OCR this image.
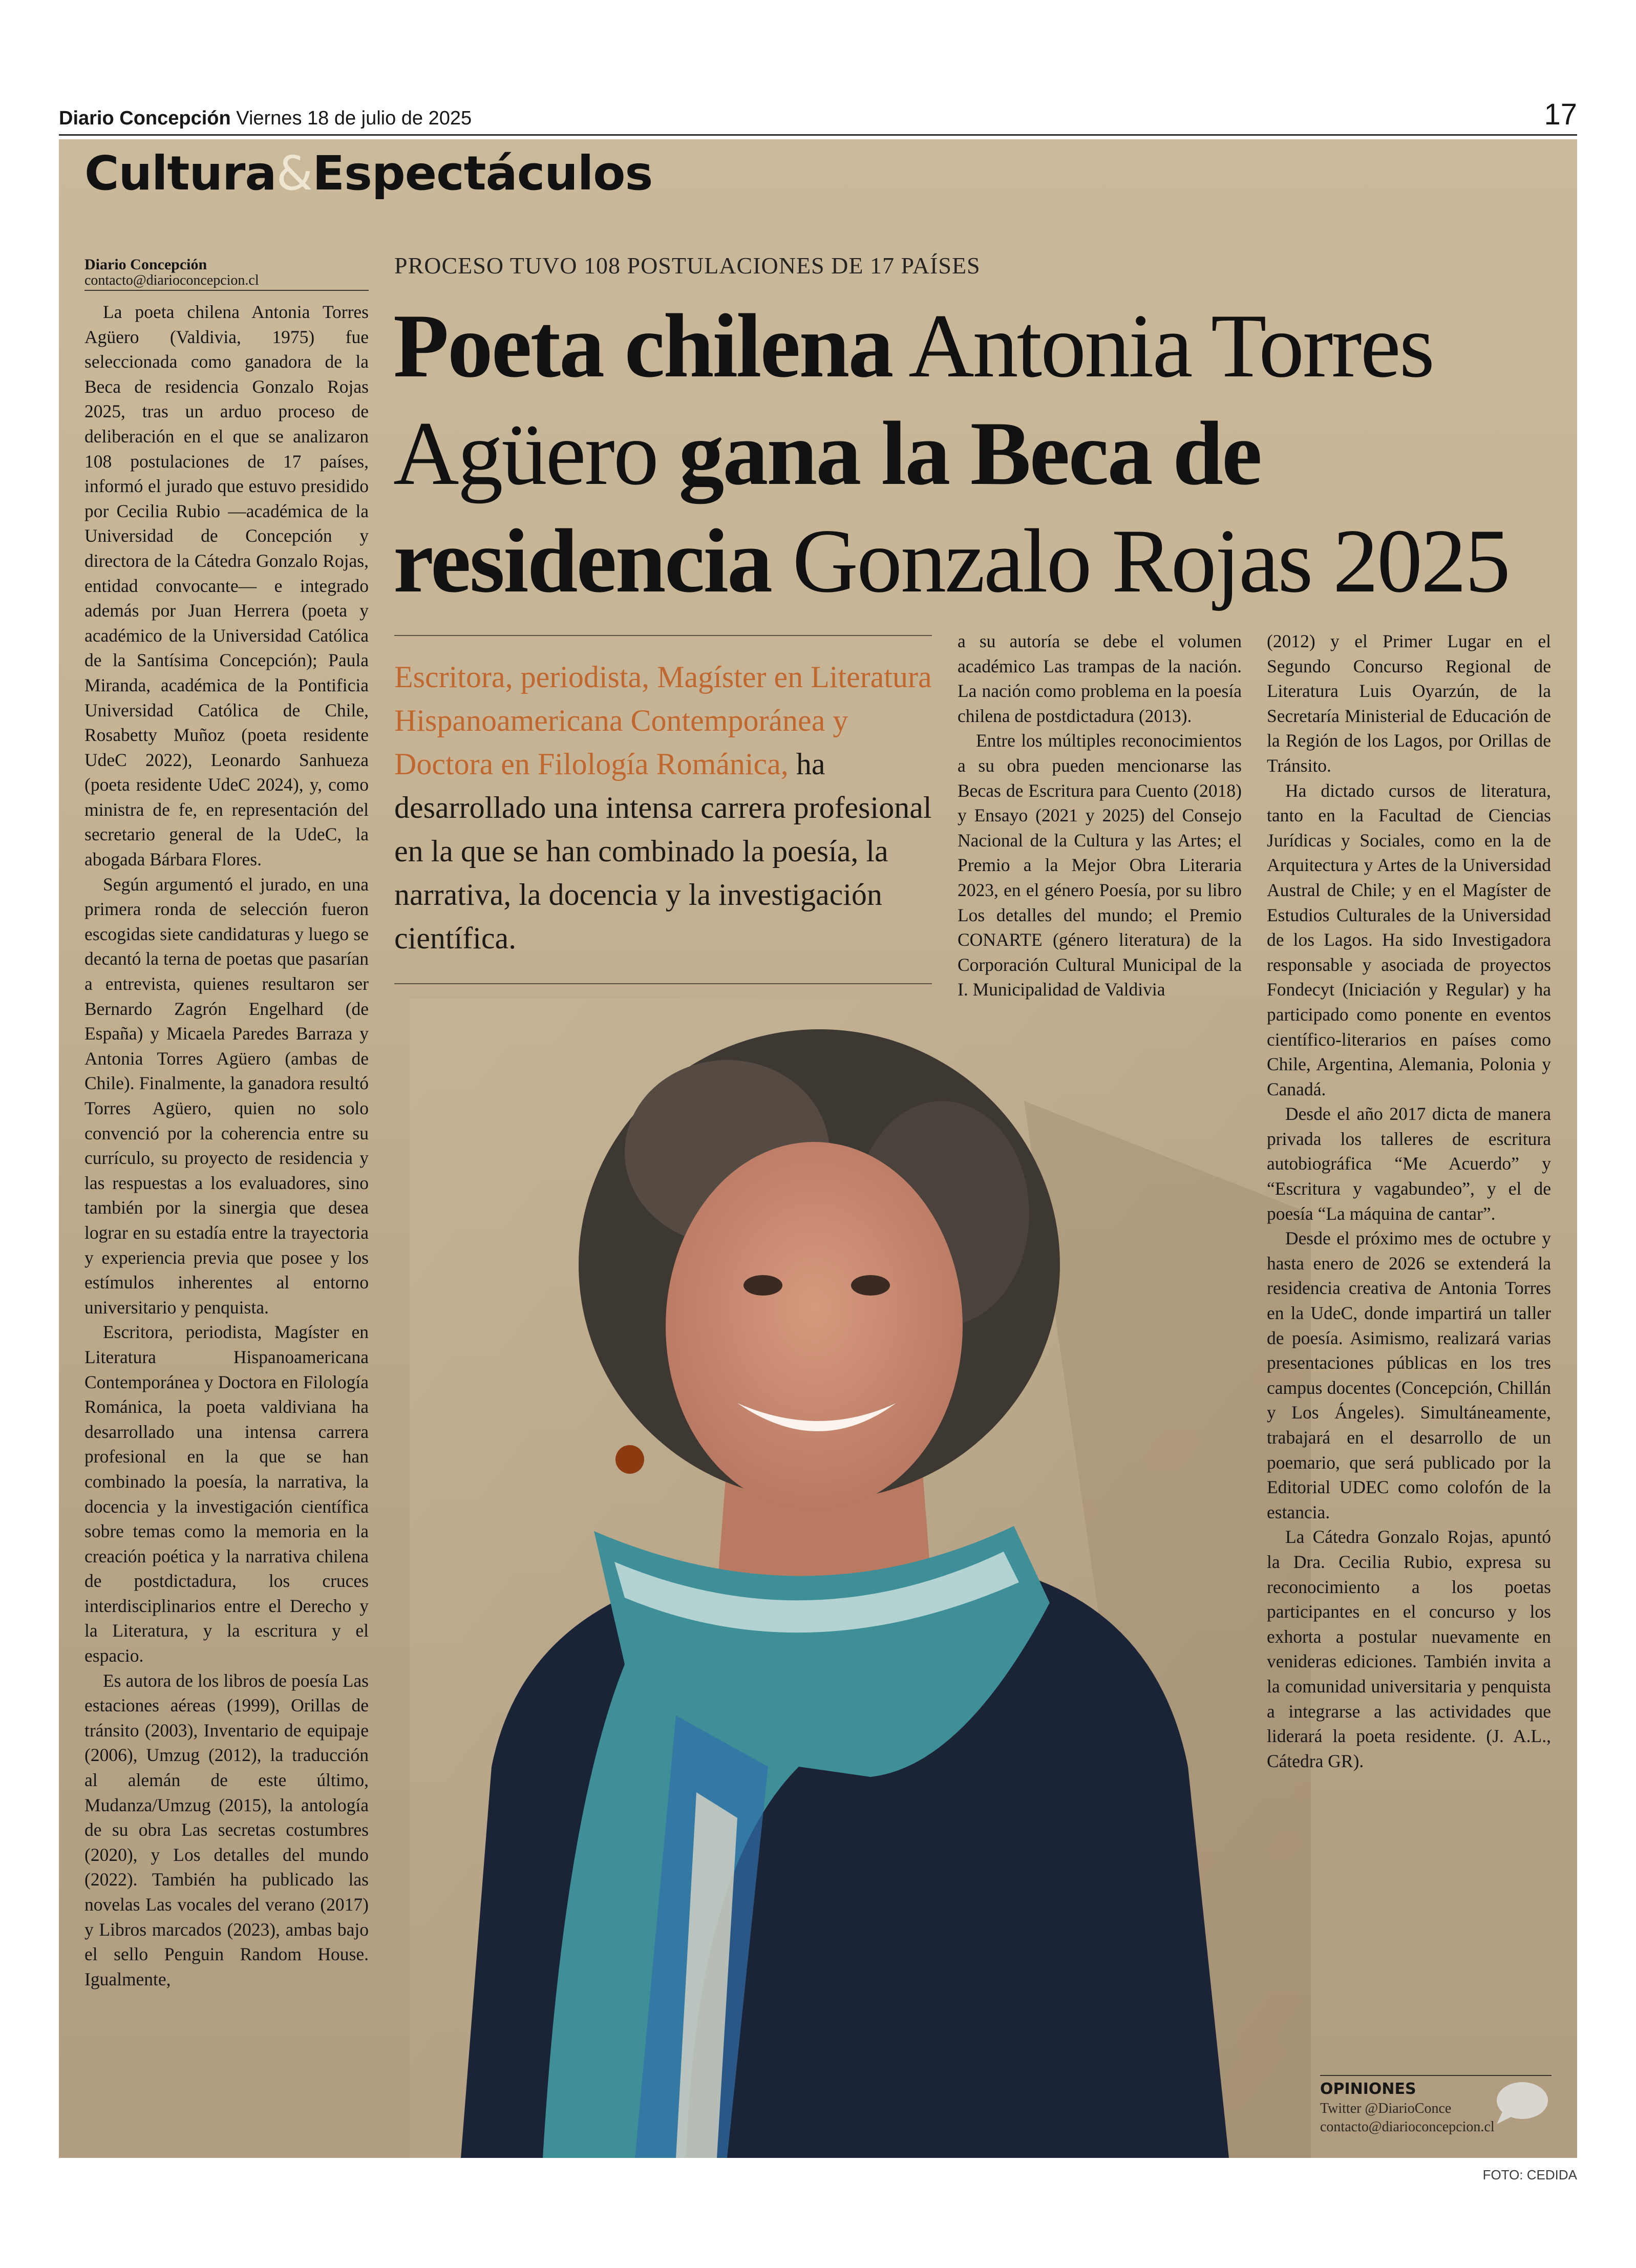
Diario Concepción Viernes 18 de julio de 2025	17
Cultura&Espectáculos
Diario Concepción
contacto@diarioconcepcion.cl

La poeta chilena Antonia Torres Agüero (Valdivia, 1975) fue seleccionada como ganadora de la Beca de residencia Gonzalo Rojas 2025, tras un arduo proceso de deliberación en el que se analizaron 108 postulaciones de 17 países, informó el jurado que estuvo presidido por Cecilia Rubio —académica de la Universidad de Concepción y directora de la Cátedra Gonzalo Rojas, entidad convocante— e integrado además por Juan Herrera (poeta y académico de la Universidad Católica de la Santísima Concepción); Paula Miranda, académica de la Pontificia Universidad Católica de Chile, Rosabetty Muñoz (poeta residente UdeC 2022), Leonardo Sanhueza (poeta residente UdeC 2024), y, como ministra de fe, en representación del secretario general de la UdeC, la abogada Bárbara Flores.

Según argumentó el jurado, en una primera ronda de selección fueron escogidas siete candidaturas y luego se decantó la terna de poetas que pasarían a entrevista, quienes resultaron ser Bernardo Zagrón Engelhard (de España) y Micaela Paredes Barraza y Antonia Torres Agüero (ambas de Chile). Finalmente, la ganadora resultó Torres Agüero, quien no solo convenció por la coherencia entre su currículo, su proyecto de residencia y las respuestas a los evaluadores, sino también por la sinergia que desea lograr en su estadía entre la trayectoria y experiencia previa que posee y los estímulos inherentes al entorno universitario y penquista.

Escritora, periodista, Magíster en Literatura Hispanoamericana Contemporánea y Doctora en Filología Románica, la poeta valdiviana ha desarrollado una intensa carrera profesional en la que se han combinado la poesía, la narrativa, la docencia y la investigación científica sobre temas como la memoria en la creación poética y la narrativa chilena de postdictadura, los cruces interdisciplinarios entre el Derecho y la Literatura, y la escritura y el espacio.

Es autora de los libros de poesía Las estaciones aéreas (1999), Orillas de tránsito (2003), Inventario de equipaje (2006), Umzug (2012), la traducción al alemán de este último, Mudanza/Umzug (2015), la antología de su obra Las secretas costumbres (2020), y Los detalles del mundo (2022). También ha publicado las novelas Las vocales del verano (2017) y Libros marcados (2023), ambas bajo el sello Penguin Random House. Igualmente,

PROCESO TUVO 108 POSTULACIONES DE 17 PAÍSES
Poeta chilena Antonia Torres Agüero gana la Beca de residencia Gonzalo Rojas 2025
Escritora, periodista, Magíster en Literatura Hispanoamericana Contemporánea y Doctora en Filología Románica, ha desarrollado una intensa carrera profesional en la que se han combinado la poesía, la narrativa, la docencia y la investigación científica.

a su autoría se debe el volumen académico Las trampas de la nación. La nación como problema en la poesía chilena de postdictadura (2013).

Entre los múltiples reconocimientos a su obra pueden mencionarse las Becas de Escritura para Cuento (2018) y Ensayo (2021 y 2025) del Consejo Nacional de la Cultura y las Artes; el Premio a la Mejor Obra Literaria 2023, en el género Poesía, por su libro Los detalles del mundo; el Premio CONARTE (género literatura) de la Corporación Cultural Municipal de la I. Municipalidad de Valdivia

(2012) y el Primer Lugar en el Segundo Concurso Regional de Literatura Luis Oyarzún, de la Secretaría Ministerial de Educación de la Región de los Lagos, por Orillas de Tránsito.

Ha dictado cursos de literatura, tanto en la Facultad de Ciencias Jurídicas y Sociales, como en la de Arquitectura y Artes de la Universidad Austral de Chile; y en el Magíster de Estudios Culturales de la Universidad de los Lagos. Ha sido Investigadora responsable y asociada de proyectos Fondecyt (Iniciación y Regular) y ha participado como ponente en eventos científico-literarios en países como Chile, Argentina, Alemania, Polonia y Canadá.

Desde el año 2017 dicta de manera privada los talleres de escritura autobiográfica “Me Acuerdo” y “Escritura y vagabundeo”, y el de poesía “La máquina de cantar”.

Desde el próximo mes de octubre y hasta enero de 2026 se extenderá la residencia creativa de Antonia Torres en la UdeC, donde impartirá un taller de poesía. Asimismo, realizará varias presentaciones públicas en los tres campus docentes (Concepción, Chillán y Los Ángeles). Simultáneamente, trabajará en el desarrollo de un poemario, que será publicado por la Editorial UDEC como colofón de la estancia.

La Cátedra Gonzalo Rojas, apuntó la Dra. Cecilia Rubio, expresa su reconocimiento a los poetas participantes en el concurso y los exhorta a postular nuevamente en venideras ediciones. También invita a la comunidad universitaria y penquista a integrarse a las actividades que liderará la poeta residente. (J. A.L., Cátedra GR).

OPINIONES
Twitter @DiarioConce
contacto@diarioconcepcion.cl
FOTO: CEDIDA
